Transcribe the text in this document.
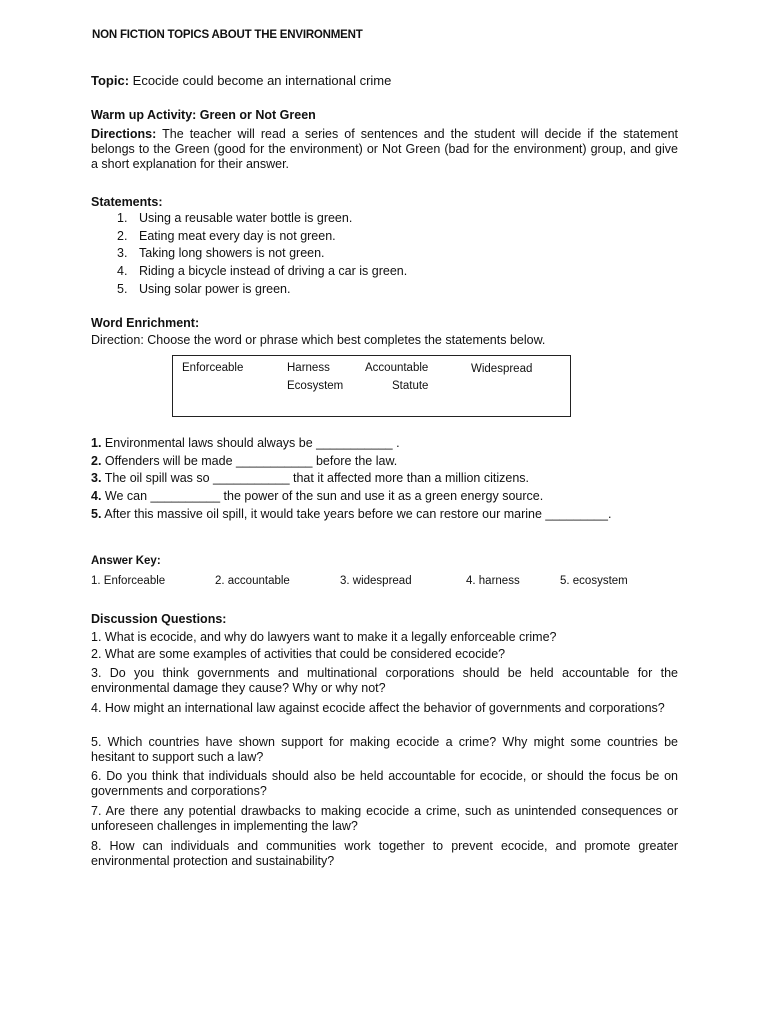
NON FICTION TOPICS ABOUT THE ENVIRONMENT
Topic: Ecocide could become an international crime
Warm up Activity: Green or Not Green
Directions: The teacher will read a series of sentences and the student will decide if the statement belongs to the Green (good for the environment) or Not Green (bad for the environment) group, and give a short explanation for their answer.
Statements:
1. Using a reusable water bottle is green.
2. Eating meat every day is not green.
3. Taking long showers is not green.
4. Riding a bicycle instead of driving a car is green.
5. Using solar power is green.
Word Enrichment:
Direction: Choose the word or phrase which best completes the statements below.
Enforceable	Harness	Accountable	Widespread
Ecosystem	Statute
1. Environmental laws should always be ___________ .
2. Offenders will be made ___________ before the law.
3. The oil spill was so ___________ that it affected more than a million citizens.
4. We can __________ the power of the sun and use it as a green energy source.
5. After this massive oil spill, it would take years before we can restore our marine _________.
Answer Key:
1. Enforceable	2. accountable	3. widespread	4. harness	5. ecosystem
Discussion Questions:
1. What is ecocide, and why do lawyers want to make it a legally enforceable crime?
2. What are some examples of activities that could be considered ecocide?
3. Do you think governments and multinational corporations should be held accountable for the environmental damage they cause? Why or why not?
4. How might an international law against ecocide affect the behavior of governments and corporations?
5. Which countries have shown support for making ecocide a crime? Why might some countries be hesitant to support such a law?
6. Do you think that individuals should also be held accountable for ecocide, or should the focus be on governments and corporations?
7. Are there any potential drawbacks to making ecocide a crime, such as unintended consequences or unforeseen challenges in implementing the law?
8. How can individuals and communities work together to prevent ecocide, and promote greater environmental protection and sustainability?
